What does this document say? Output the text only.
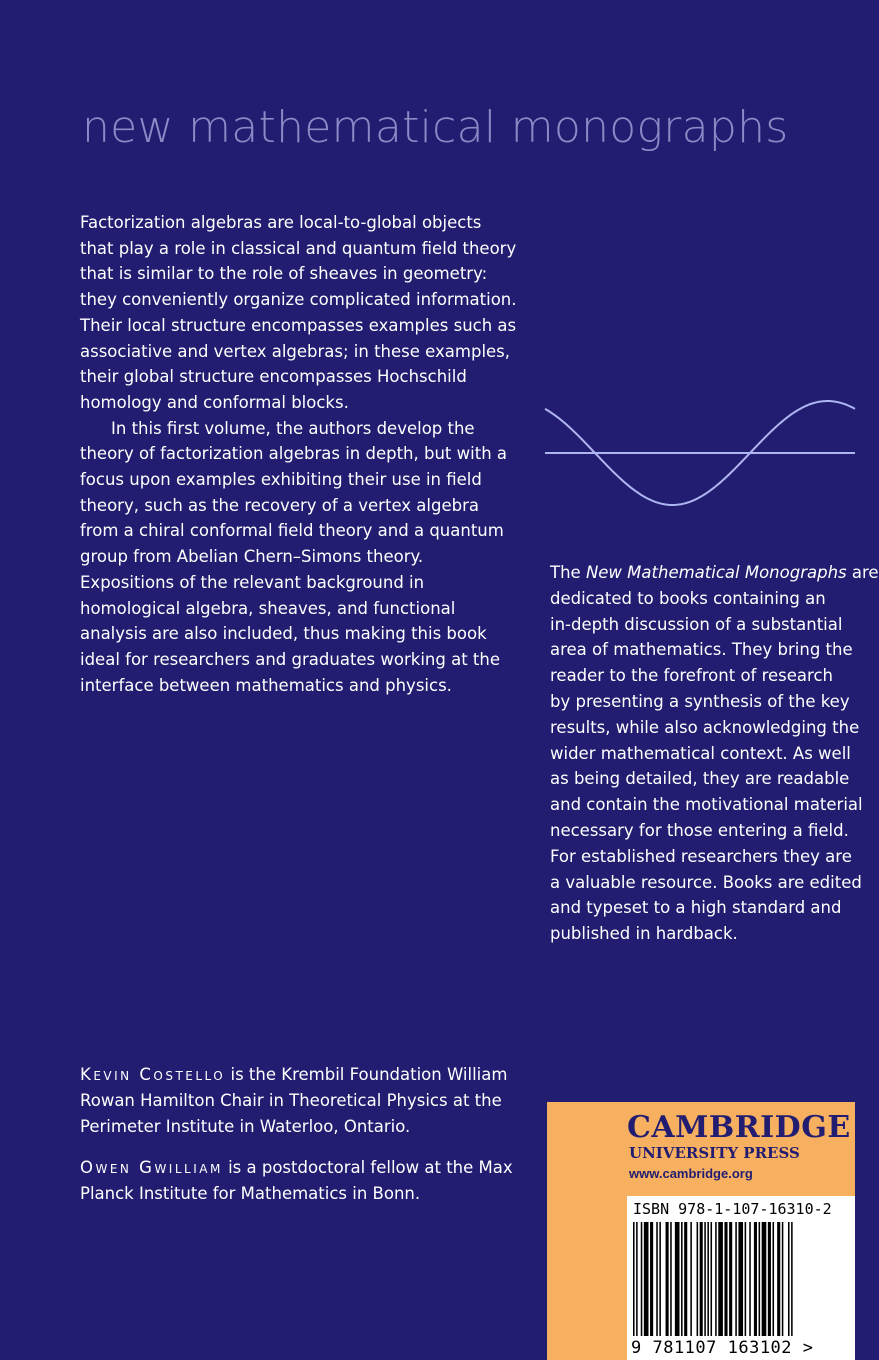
new mathematical monographs

Factorization algebras are local-to-global objects that play a role in classical and quantum field theory that is similar to the role of sheaves in geometry: they conveniently organize complicated information. Their local structure encompasses examples such as associative and vertex algebras; in these examples, their global structure encompasses Hochschild homology and conformal blocks.

In this first volume, the authors develop the theory of factorization algebras in depth, but with a focus upon examples exhibiting their use in field theory, such as the recovery of a vertex algebra from a chiral conformal field theory and a quantum group from Abelian Chern–Simons theory. Expositions of the relevant background in homological algebra, sheaves, and functional analysis are also included, thus making this book ideal for researchers and graduates working at the interface between mathematics and physics.

The New Mathematical Monographs are
dedicated to books containing an
in-depth discussion of a substantial
area of mathematics. They bring the
reader to the forefront of research
by presenting a synthesis of the key
results, while also acknowledging the
wider mathematical context. As well
as being detailed, they are readable
and contain the motivational material
necessary for those entering a field.
For established researchers they are
a valuable resource. Books are edited
and typeset to a high standard and
published in hardback.

Kevin Costello is the Krembil Foundation William Rowan Hamilton Chair in Theoretical Physics at the Perimeter Institute in Waterloo, Ontario.

Owen Gwilliam is a postdoctoral fellow at the Max Planck Institute for Mathematics in Bonn.

CAMBRIDGE
UNIVERSITY PRESS
www.cambridge.org
ISBN 978-1-107-16310-2
9 781107 163102 >
